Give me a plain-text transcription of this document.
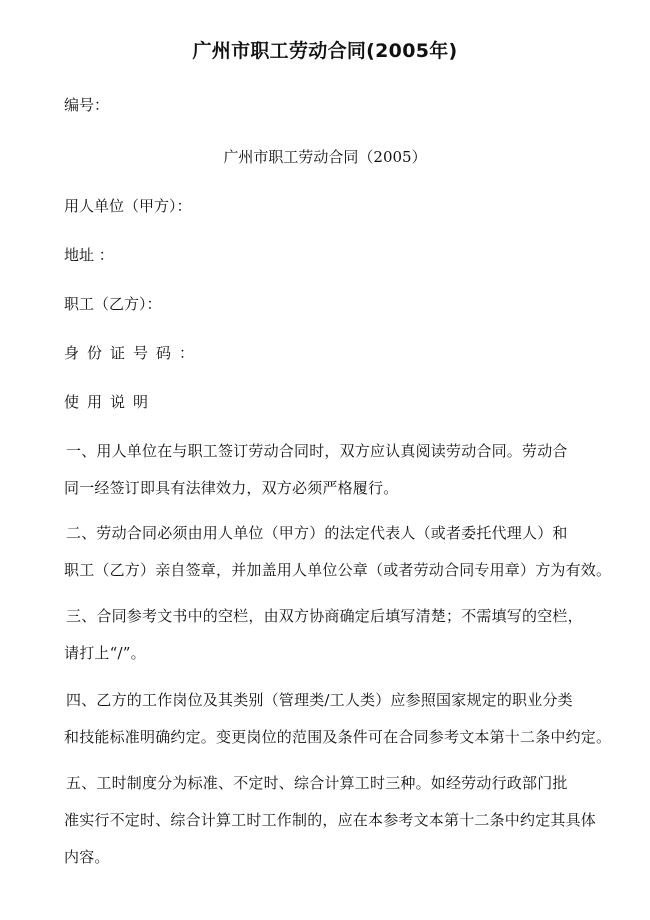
广州市职工劳动合同(2005年)
编号：
广州市职工劳动合同（2005）
用人单位（甲方）：
地址 ：
职工（乙方）：
身份证号码：
使用说明
一、用人单位在与职工签订劳动合同时，双方应认真阅读劳动合同。劳动合
同一经签订即具有法律效力，双方必须严格履行。
二、劳动合同必须由用人单位（甲方）的法定代表人（或者委托代理人）和
职工（乙方）亲自签章，并加盖用人单位公章（或者劳动合同专用章）方为有效。
三、合同参考文书中的空栏，由双方协商确定后填写清楚；不需填写的空栏，
请打上“/”。
四、乙方的工作岗位及其类别（管理类/工人类）应参照国家规定的职业分类
和技能标准明确约定。变更岗位的范围及条件可在合同参考文本第十二条中约定。
五、工时制度分为标准、不定时、综合计算工时三种。如经劳动行政部门批
准实行不定时、综合计算工时工作制的，应在本参考文本第十二条中约定其具体
内容。
